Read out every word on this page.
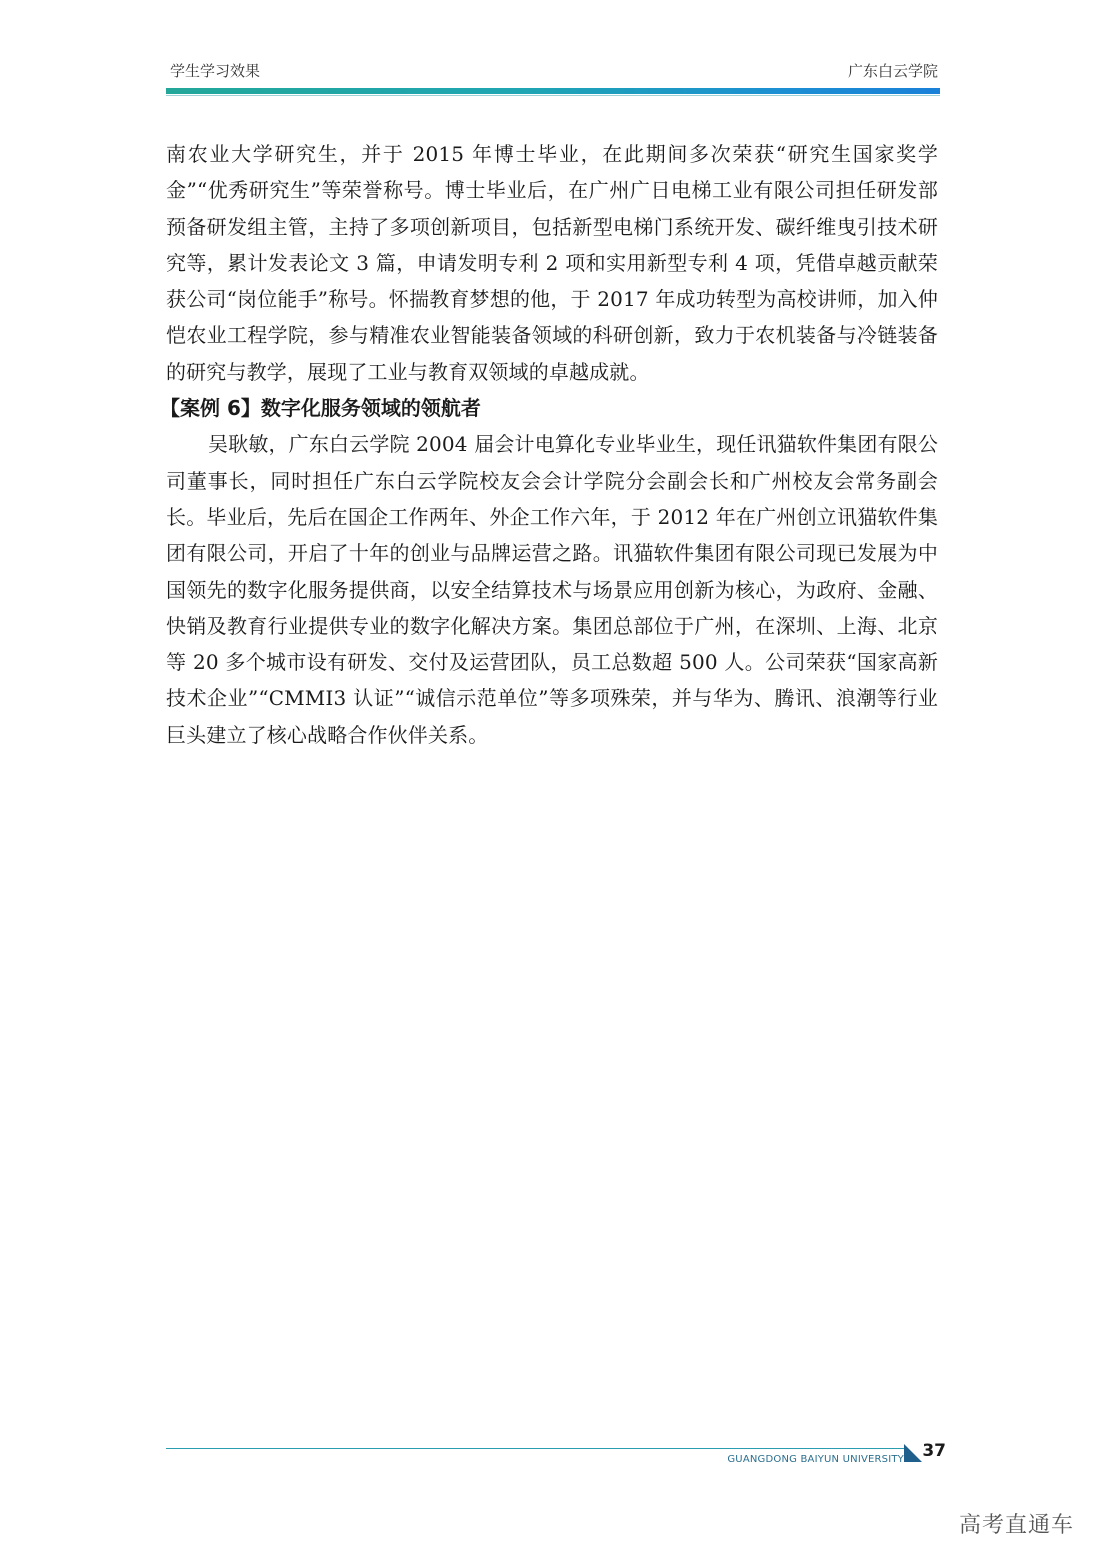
学生学习效果	广东白云学院

南农业大学研究生，并于 2015 年博士毕业，在此期间多次荣获“研究生国家奖学金”“优秀研究生”等荣誉称号。博士毕业后，在广州广日电梯工业有限公司担任研发部预备研发组主管，主持了多项创新项目，包括新型电梯门系统开发、碳纤维曳引技术研究等，累计发表论文 3 篇，申请发明专利 2 项和实用新型专利 4 项，凭借卓越贡献荣获公司“岗位能手”称号。怀揣教育梦想的他，于 2017 年成功转型为高校讲师，加入仲恺农业工程学院，参与精准农业智能装备领域的科研创新，致力于农机装备与冷链装备的研究与教学，展现了工业与教育双领域的卓越成就。

【案例 6】数字化服务领域的领航者

吴耿敏，广东白云学院 2004 届会计电算化专业毕业生，现任讯猫软件集团有限公司董事长，同时担任广东白云学院校友会会计学院分会副会长和广州校友会常务副会长。毕业后，先后在国企工作两年、外企工作六年，于 2012 年在广州创立讯猫软件集团有限公司，开启了十年的创业与品牌运营之路。讯猫软件集团有限公司现已发展为中国领先的数字化服务提供商，以安全结算技术与场景应用创新为核心，为政府、金融、快销及教育行业提供专业的数字化解决方案。集团总部位于广州，在深圳、上海、北京等 20 多个城市设有研发、交付及运营团队，员工总数超 500 人。公司荣获“国家高新技术企业”“CMMI3 认证”“诚信示范单位”等多项殊荣，并与华为、腾讯、浪潮等行业巨头建立了核心战略合作伙伴关系。

GUANGDONG BAIYUN UNIVERSITY 37
高考直通车
